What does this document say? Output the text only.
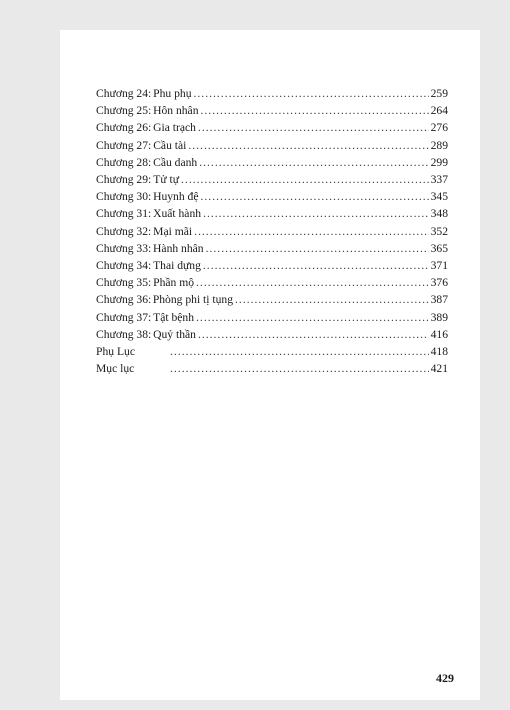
Chương 24: Phu phụ .....	259
Chương 25: Hôn nhân .....	264
Chương 26: Gia trạch .....	276
Chương 27: Cầu tài .....	289
Chương 28: Cầu danh .....	299
Chương 29: Tử tự .....	337
Chương 30: Huynh đệ .....	345
Chương 31: Xuất hành .....	348
Chương 32: Mại mãi .....	352
Chương 33: Hành nhân .....	365
Chương 34: Thai dựng .....	371
Chương 35: Phần mộ .....	376
Chương 36: Phòng phi tị tụng .....	387
Chương 37: Tật bệnh .....	389
Chương 38: Quỷ thần .....	416
Phụ Lục .....	418
Mục lục .....	421
429
